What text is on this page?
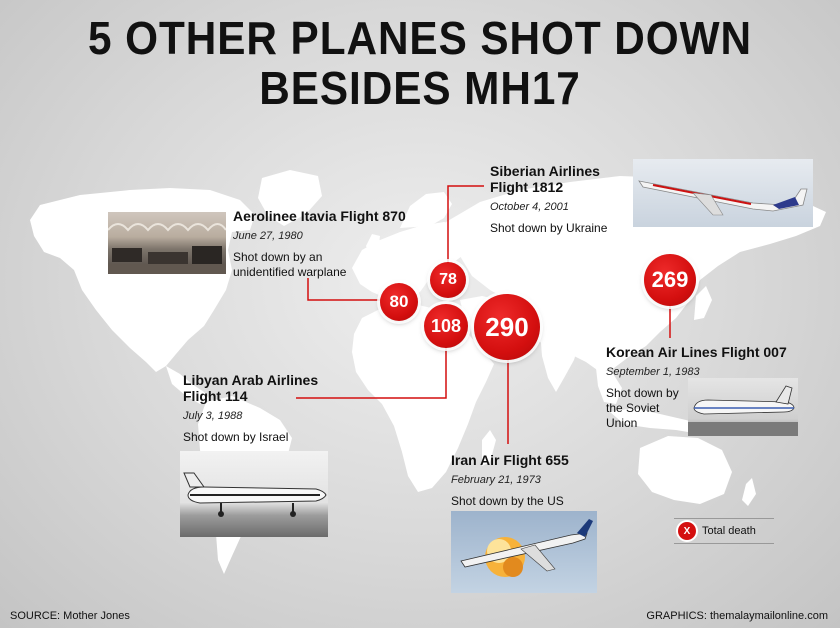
5 OTHER PLANES SHOT DOWN
BESIDES MH17
80
78
108 290
269
Aerolinee Itavia Flight 870
June 27, 1980
Shot down by an unidentified warplane
Siberian Airlines Flight 1812
October 4, 2001
Shot down by Ukraine
Libyan Arab Airlines Flight 114
July 3, 1988
Shot down by Israel
Iran Air Flight 655
February 21, 1973
Shot down by the US
Korean Air Lines Flight 007
September 1, 1983
Shot down by the Soviet Union
X	Total death
SOURCE: Mother Jones	GRAPHICS: themalaymailonline.com
